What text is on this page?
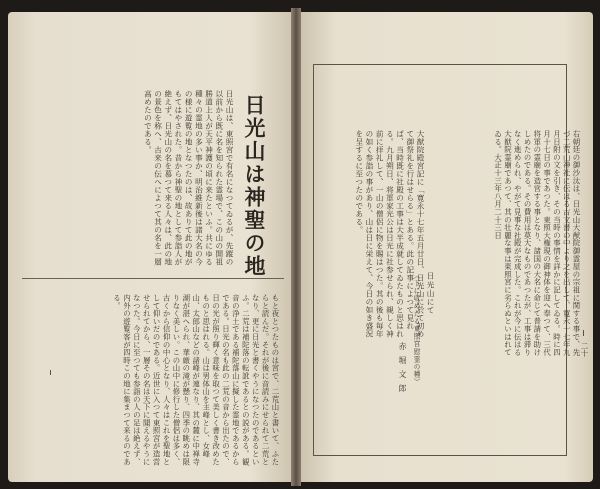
日光山は、東照宮で有名になつてゐるが、先蹤の以前から既に名を知られた霊場で、この山の開祖勝道上人が天平神護の頃に来たといふ。共にゆる種々の霊地の多い事か、明治維新後は諸大名の今の様に遊覧の地となつたのは、故ありて此の地がもてはやされた。昔から神聖の地として参詣人が絶えず、日光山の名を慕つて来る人々は、此の地の景色を称へ、古来の伝へによつて其の名を一層高めたのである。	日光山は神聖の地
もと夜とつたものは宮で、二荒山と書いて、ふたらと読んだ。それが後に音読みにせられて二荒となり、更に日光と書くやうになつたのであるといふ。二荒は補陀落の転訛であるとの説がある。観音の浄土である補陀落山に擬した霊地であるからである。日光の名も此の二荒の音から出たので、日の光が照り輝く意味を取つて美しく書き改めたものと思はれる。山は男体山を主峰とし、女峰山、太郎山などの諸峰が連なり、其の麓に中禅寺湖が湛へられ、華厳の滝が懸り、四季の眺めは限りなく美しい。この山中に修行した僧侶は多く、古くから信仰の中心となり、人々はこれを聖地として仰いだのである。近世に入つて東照宮が造営せられてから、一層その名は天下に聞えるやうになつた。今日に至つても参詣の人の足は絶えず、内外の遊覧客が四時この地に集まつて来るのである。	右朝廷の御沙汰は、日光山大猷院御霊屋の宗祖に関する事で、先づ二荒山神社に伝はる古文書の中より之を出して、寛永十七年九月日附の文を引き、その当時の事情を詳かに記してゐる。時に四月十七日の事であつた。東照大権現の御神体を迎へ奉つて、三代将軍の霊廟を造営する事となり、諸国の大名に命じて普請を助けしめたのである。その費用は莫大なものであつたが、工事は滞りなく進められ、やがて見事な社殿が完成した。これが今に伝はる大猷院霊廟であつて、其の壮麗な事は東照宮に劣らぬといはれてゐる。大正十三年八月二十三日
大猷院殿宮記に「寛永十七年五月廿日、日光山に於て初めて御祭礼を行はせらる」とある。此の記事によつて見れば、当時既に社殿の工事は大半成就してゐたものと思はれる。九月朔日、将軍家光公は日光に社参せられ、親しく神前に拝礼して、一山の僧侶に物を賜はつた。其の後も毎年の如く参詣の事があり、山は日に栄えて、今日の如き盛況を呈するに至つたのである。
日光山にて
（下に収めたる東照宮慰霊の種）
赤堀文郎	二十
